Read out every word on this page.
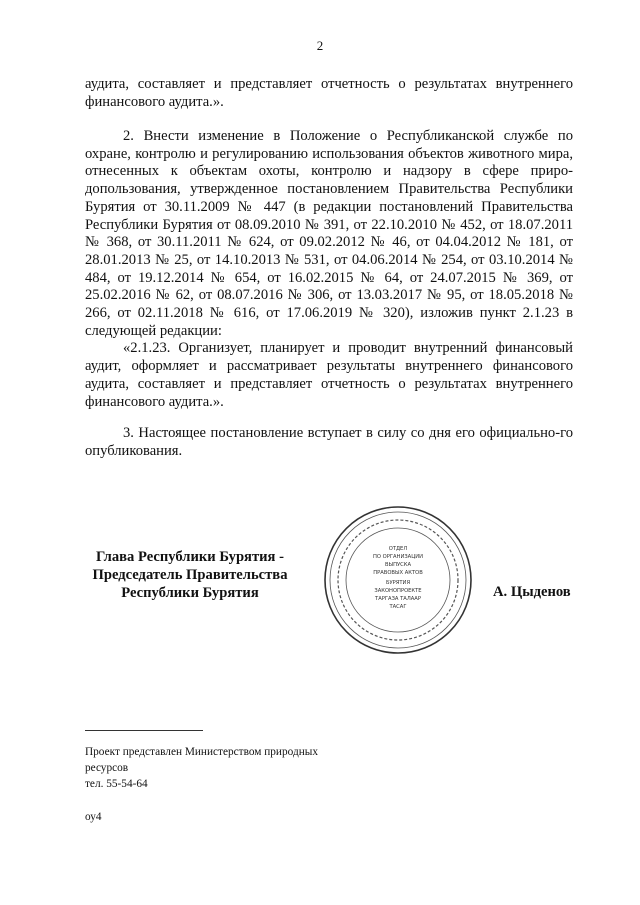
2

аудита, составляет и представляет отчетность о результатах внутреннего финансового аудита.».

2. Внести изменение в Положение о Республиканской службе по охране, контролю и регулированию использования объектов животного мира, отнесенных к объектам охоты, контролю и надзору в сфере приро-допользования, утвержденное постановлением Правительства Республики Бурятия от 30.11.2009 № 447 (в редакции постановлений Правительства Республики Бурятия от 08.09.2010 № 391, от 22.10.2010 № 452, от 18.07.2011 № 368, от 30.11.2011 № 624, от 09.02.2012 № 46, от 04.04.2012 № 181, от 28.01.2013 № 25, от 14.10.2013 № 531, от 04.06.2014 № 254, от 03.10.2014 № 484, от 19.12.2014 № 654, от 16.02.2015 № 64, от 24.07.2015 № 369, от 25.02.2016 № 62, от 08.07.2016 № 306, от 13.03.2017 № 95, от 18.05.2018 № 266, от 02.11.2018 № 616, от 17.06.2019 № 320), изложив пункт 2.1.23 в следующей редакции:

«2.1.23. Организует, планирует и проводит внутренний финансовый аудит, оформляет и рассматривает результаты внутреннего финансового аудита, составляет и представляет отчетность о результатах внутреннего финансового аудита.».

3. Настоящее постановление вступает в силу со дня его официально-го опубликования.

Глава Республики Бурятия -
Председатель Правительства
Республики Бурятия
ОТДЕЛ
ПО ОРГАНИЗАЦИИ
ВЫПУСКА
ПРАВОВЫХ АКТОВ
БУРЯТИЯ
ЗАКОНОПРОЕКТЕ
ТАРГАЗА ТАЛААР
ТАСАГ
А. Цыденов

Проект представлен Министерством природных

ресурсов

тел. 55-54-64

оу4
